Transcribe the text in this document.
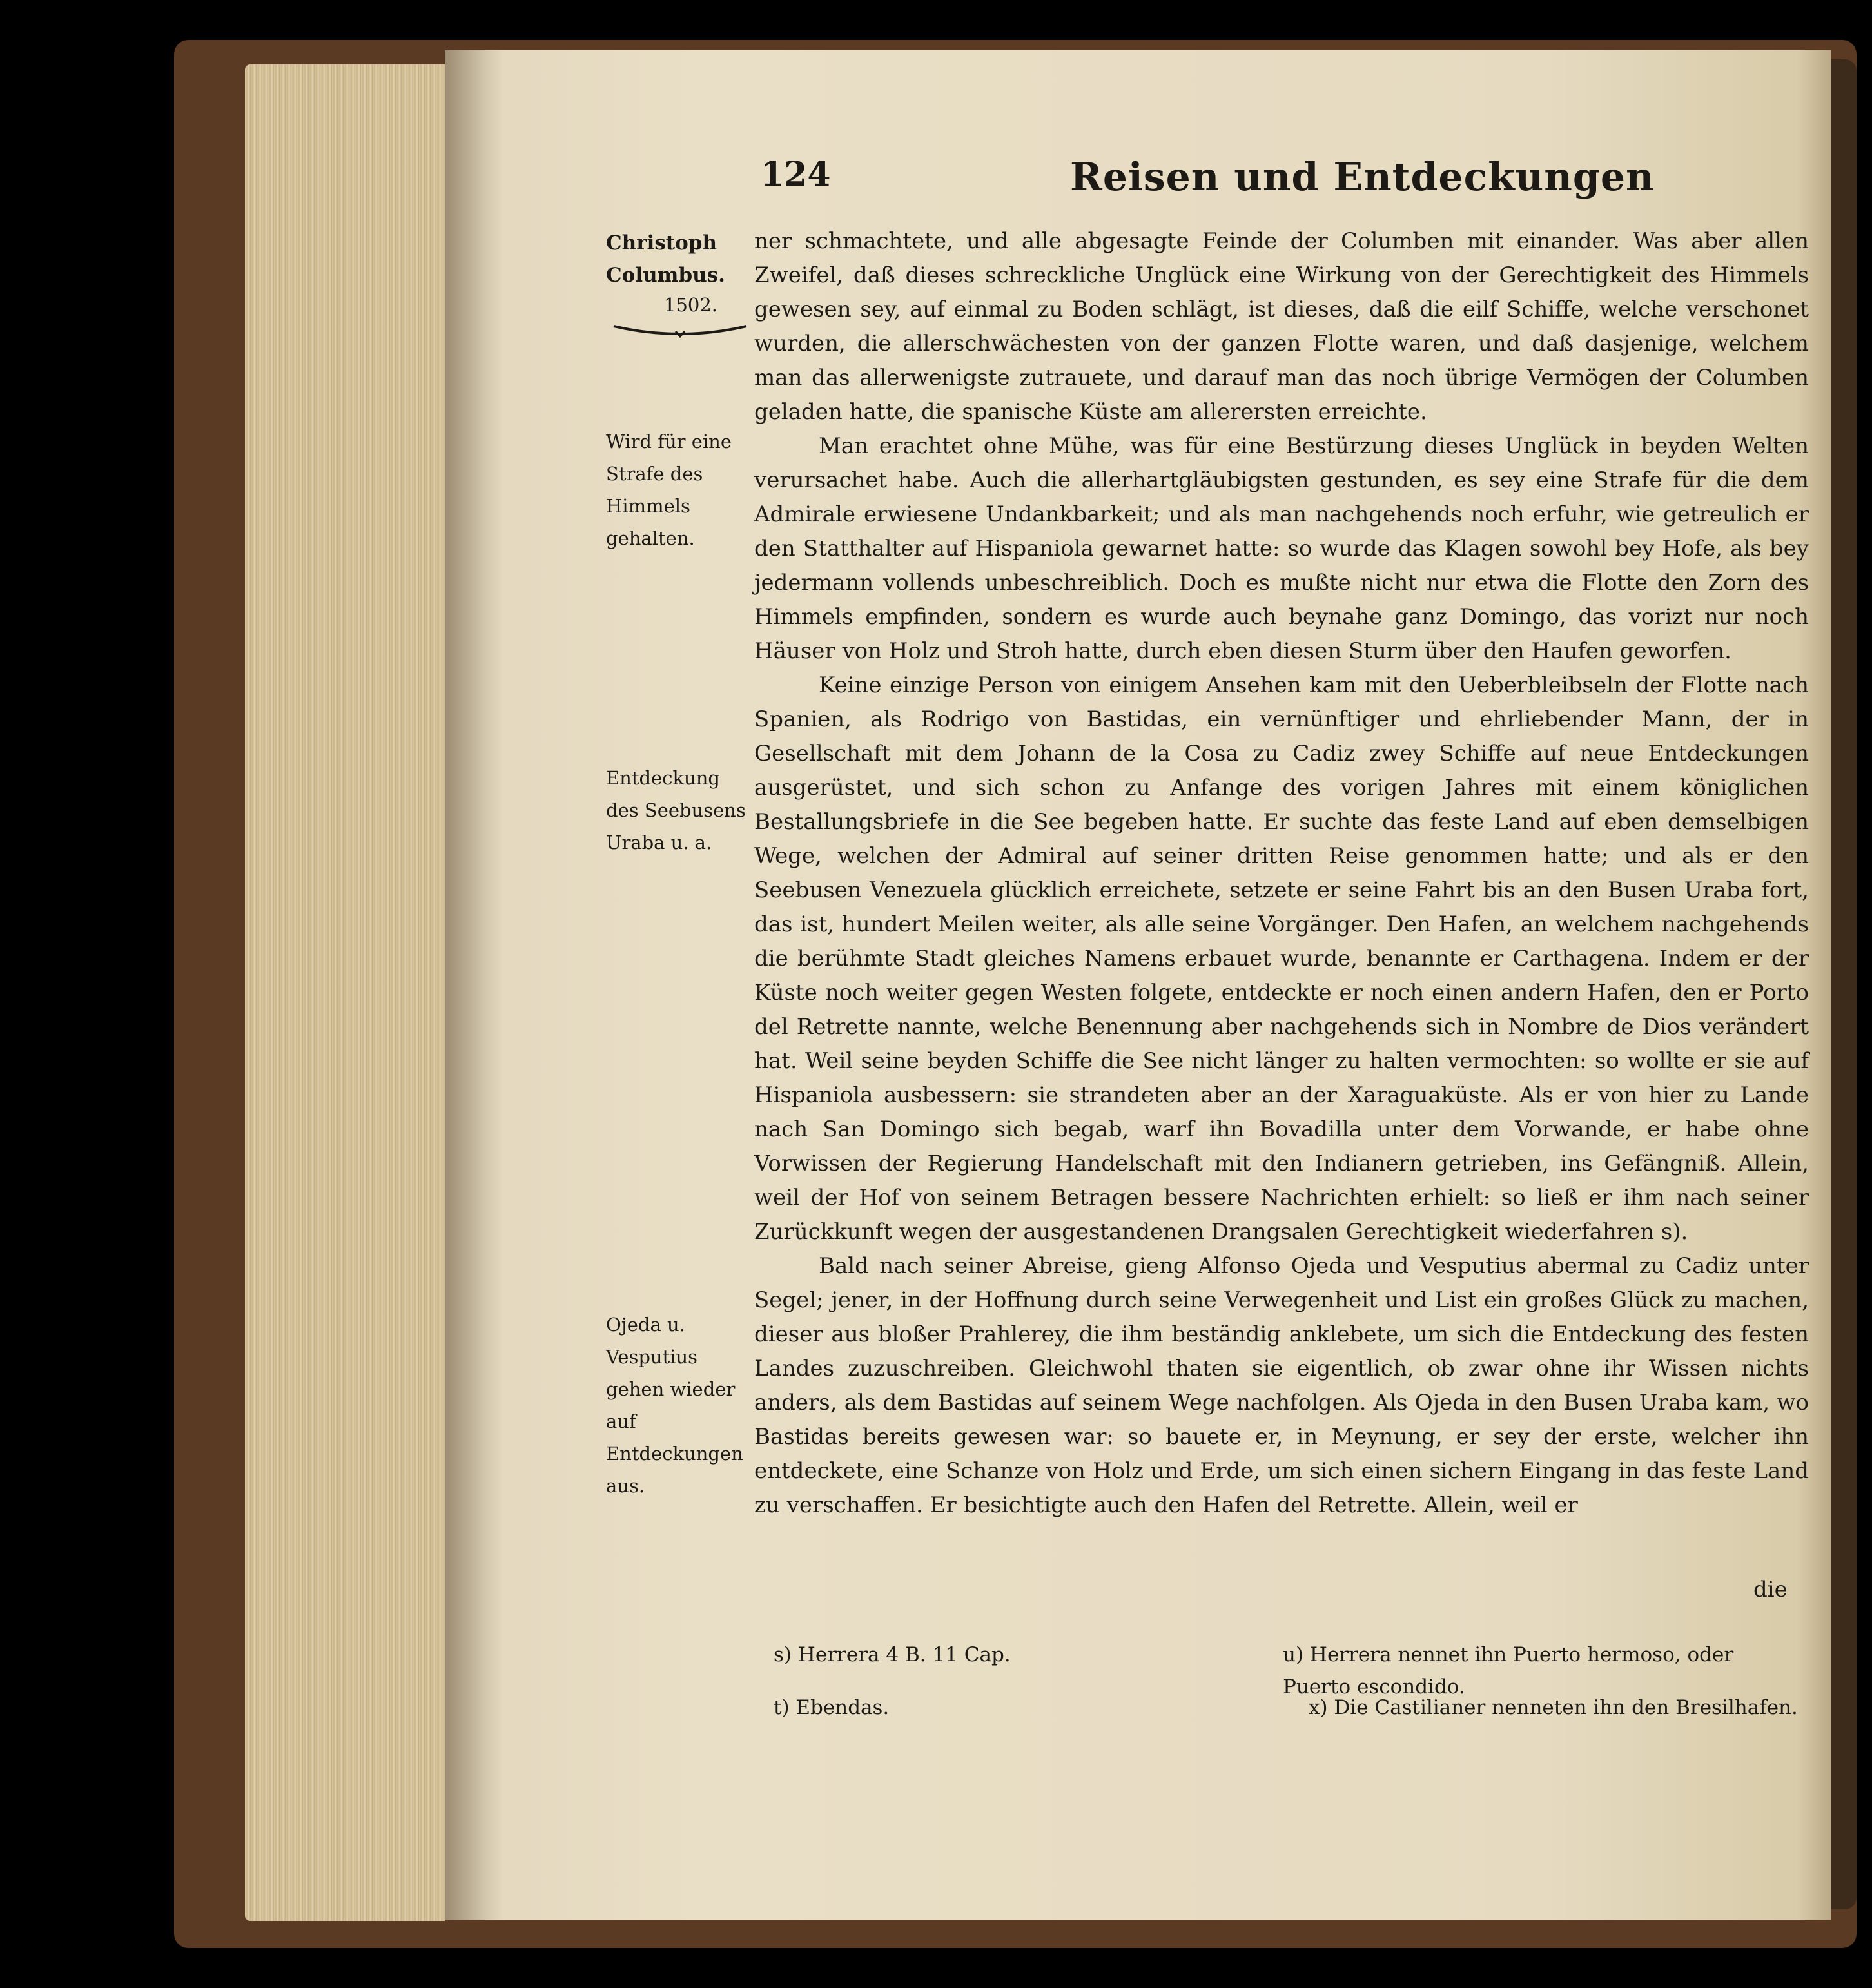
124	Reisen und Entdeckungen
Christoph Columbus.
1502.
Wird für eine Strafe des Himmels gehalten.
Entdeckung des Seebusens Uraba u. a.
Ojeda u. Vesputius gehen wieder auf Entdeckungen aus.

ner schmachtete, und alle abgesagte Feinde der Columben mit einander. Was aber allen Zweifel, daß dieses schreckliche Unglück eine Wirkung von der Gerechtigkeit des Himmels gewesen sey, auf einmal zu Boden schlägt, ist dieses, daß die eilf Schiffe, welche verschonet wurden, die allerschwächesten von der ganzen Flotte waren, und daß dasjenige, welchem man das allerwenigste zutrauete, und darauf man das noch übrige Vermögen der Columben geladen hatte, die spanische Küste am allerersten erreichte.

Man erachtet ohne Mühe, was für eine Bestürzung dieses Unglück in beyden Welten verursachet habe. Auch die allerhartgläubigsten gestunden, es sey eine Strafe für die dem Admirale erwiesene Undankbarkeit; und als man nachgehends noch erfuhr, wie getreulich er den Statthalter auf Hispaniola gewarnet hatte: so wurde das Klagen sowohl bey Hofe, als bey jedermann vollends unbeschreiblich. Doch es mußte nicht nur etwa die Flotte den Zorn des Himmels empfinden, sondern es wurde auch beynahe ganz Domingo, das vorizt nur noch Häuser von Holz und Stroh hatte, durch eben diesen Sturm über den Haufen geworfen.

Keine einzige Person von einigem Ansehen kam mit den Ueberbleibseln der Flotte nach Spanien, als Rodrigo von Bastidas, ein vernünftiger und ehrliebender Mann, der in Gesellschaft mit dem Johann de la Cosa zu Cadiz zwey Schiffe auf neue Entdeckungen ausgerüstet, und sich schon zu Anfange des vorigen Jahres mit einem königlichen Bestallungsbriefe in die See begeben hatte. Er suchte das feste Land auf eben demselbigen Wege, welchen der Admiral auf seiner dritten Reise genommen hatte; und als er den Seebusen Venezuela glücklich erreichete, setzete er seine Fahrt bis an den Busen Uraba fort, das ist, hundert Meilen weiter, als alle seine Vorgänger. Den Hafen, an welchem nachgehends die berühmte Stadt gleiches Namens erbauet wurde, benannte er Carthagena. Indem er der Küste noch weiter gegen Westen folgete, entdeckte er noch einen andern Hafen, den er Porto del Retrette nannte, welche Benennung aber nachgehends sich in Nombre de Dios verändert hat. Weil seine beyden Schiffe die See nicht länger zu halten vermochten: so wollte er sie auf Hispaniola ausbessern: sie strandeten aber an der Xaraguaküste. Als er von hier zu Lande nach San Domingo sich begab, warf ihn Bovadilla unter dem Vorwande, er habe ohne Vorwissen der Regierung Handelschaft mit den Indianern getrieben, ins Gefängniß. Allein, weil der Hof von seinem Betragen bessere Nachrichten erhielt: so ließ er ihm nach seiner Zurückkunft wegen der ausgestandenen Drangsalen Gerechtigkeit wiederfahren s).

Bald nach seiner Abreise, gieng Alfonso Ojeda und Vesputius abermal zu Cadiz unter Segel; jener, in der Hoffnung durch seine Verwegenheit und List ein großes Glück zu machen, dieser aus bloßer Prahlerey, die ihm beständig anklebete, um sich die Entdeckung des festen Landes zuzuschreiben. Gleichwohl thaten sie eigentlich, ob zwar ohne ihr Wissen nichts anders, als dem Bastidas auf seinem Wege nachfolgen. Als Ojeda in den Busen Uraba kam, wo Bastidas bereits gewesen war: so bauete er, in Meynung, er sey der erste, welcher ihn entdeckete, eine Schanze von Holz und Erde, um sich einen sichern Eingang in das feste Land zu verschaffen. Er besichtigte auch den Hafen del Retrette. Allein, weil er

die
s) Herrera 4 B. 11 Cap.
t) Ebendas.
u) Herrera nennet ihn Puerto hermoso, oder Puerto escondido.
x) Die Castilianer nenneten ihn den Bresilhafen.
